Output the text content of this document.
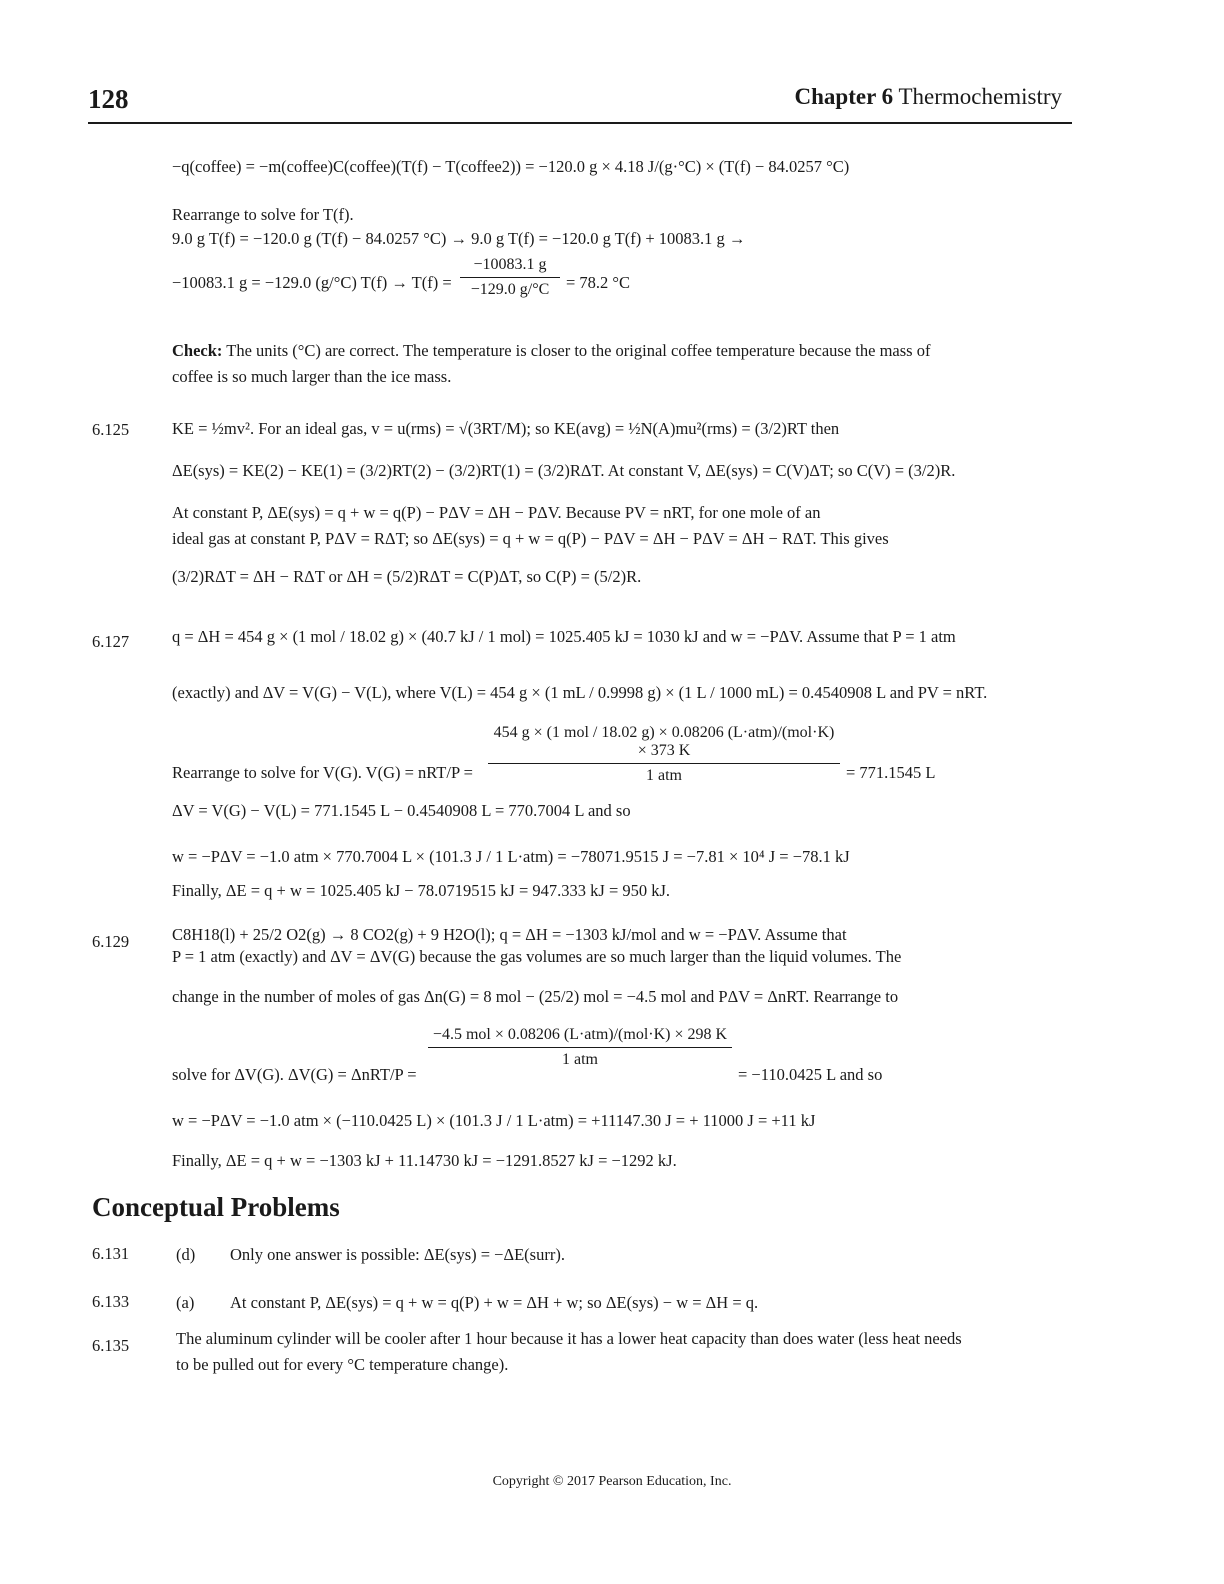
128	Chapter 6 Thermochemistry
−q(coffee) = −m(coffee)C(coffee)(T(f) − T(coffee2)) = −120.0 g × 4.18 J/(g·°C) × (T(f) − 84.0257 °C)
Rearrange to solve for T(f).
9.0 g T(f) = −120.0 g (T(f) − 84.0257 °C) → 9.0 g T(f) = −120.0 g T(f) + 10083.1 g →
−10083.1 g = −129.0 (g/°C) T(f) → T(f) =
−10083.1 g
−129.0 g/°C	= 78.2 °C
Check: The units (°C) are correct. The temperature is closer to the original coffee temperature because the mass of
coffee is so much larger than the ice mass.
6.125	KE = ½mv². For an ideal gas, v = u(rms) = √(3RT/M); so KE(avg) = ½N(A)mu²(rms) = (3/2)RT then
ΔE(sys) = KE(2) − KE(1) = (3/2)RT(2) − (3/2)RT(1) = (3/2)RΔT. At constant V, ΔE(sys) = C(V)ΔT; so C(V) = (3/2)R.
At constant P, ΔE(sys) = q + w = q(P) − PΔV = ΔH − PΔV. Because PV = nRT, for one mole of an
ideal gas at constant P, PΔV = RΔT; so ΔE(sys) = q + w = q(P) − PΔV = ΔH − PΔV = ΔH − RΔT. This gives
(3/2)RΔT = ΔH − RΔT or ΔH = (5/2)RΔT = C(P)ΔT, so C(P) = (5/2)R.
6.127	q = ΔH = 454 g × (1 mol / 18.02 g) × (40.7 kJ / 1 mol) = 1025.405 kJ = 1030 kJ and w = −PΔV. Assume that P = 1 atm
(exactly) and ΔV = V(G) − V(L), where V(L) = 454 g × (1 mL / 0.9998 g) × (1 L / 1000 mL) = 0.4540908 L and PV = nRT.
Rearrange to solve for V(G). V(G) = nRT/P =
454 g × (1 mol / 18.02 g) × 0.08206 (L·atm)/(mol·K) × 373 K
1 atm	= 771.1545 L
ΔV = V(G) − V(L) = 771.1545 L − 0.4540908 L = 770.7004 L and so
w = −PΔV = −1.0 atm × 770.7004 L × (101.3 J / 1 L·atm) = −78071.9515 J = −7.81 × 10⁴ J = −78.1 kJ
Finally, ΔE = q + w = 1025.405 kJ − 78.0719515 kJ = 947.333 kJ = 950 kJ.
6.129	C8H18(l) + 25/2 O2(g) → 8 CO2(g) + 9 H2O(l); q = ΔH = −1303 kJ/mol and w = −PΔV. Assume that
P = 1 atm (exactly) and ΔV = ΔV(G) because the gas volumes are so much larger than the liquid volumes. The
change in the number of moles of gas Δn(G) = 8 mol − (25/2) mol = −4.5 mol and PΔV = ΔnRT. Rearrange to
solve for ΔV(G). ΔV(G) = ΔnRT/P =
−4.5 mol × 0.08206 (L·atm)/(mol·K) × 298 K
1 atm
= −110.0425 L and so
w = −PΔV = −1.0 atm × (−110.0425 L) × (101.3 J / 1 L·atm) = +11147.30 J = + 11000 J = +11 kJ
Finally, ΔE = q + w = −1303 kJ + 11.14730 kJ = −1291.8527 kJ = −1292 kJ.
Conceptual Problems
6.131	(d) Only one answer is possible: ΔE(sys) = −ΔE(surr).
6.133	(a) At constant P, ΔE(sys) = q + w = q(P) + w = ΔH + w; so ΔE(sys) − w = ΔH = q.
6.135	The aluminum cylinder will be cooler after 1 hour because it has a lower heat capacity than does water (less heat needs
to be pulled out for every °C temperature change).
Copyright © 2017 Pearson Education, Inc.
